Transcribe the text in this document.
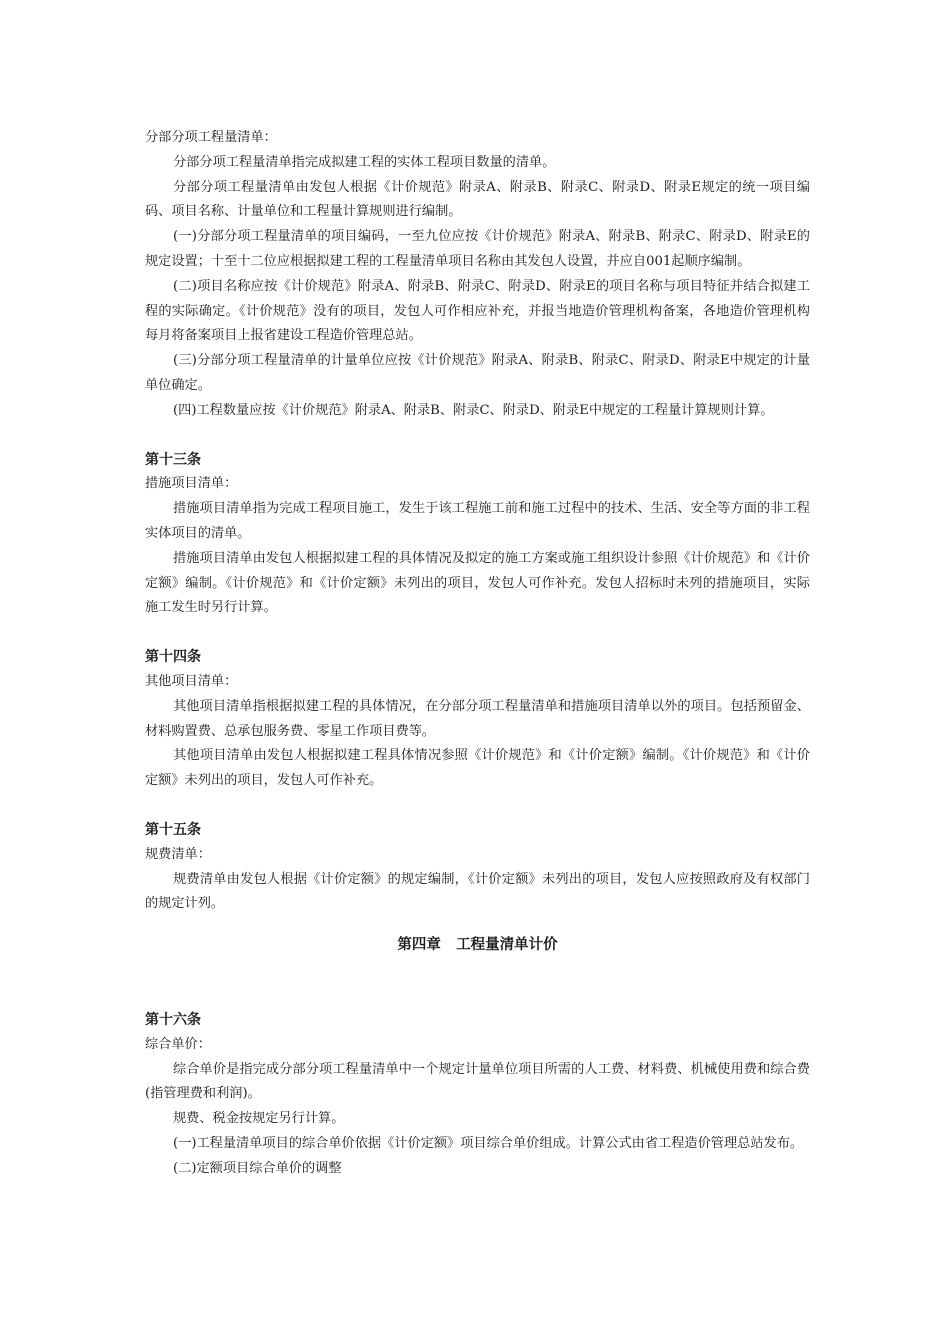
分部分项工程量清单：

分部分项工程量清单指完成拟建工程的实体工程项目数量的清单。

分部分项工程量清单由发包人根据《计价规范》附录A、附录B、附录C、附录D、附录E规定的统一项目编码、项目名称、计量单位和工程量计算规则进行编制。

(一)分部分项工程量清单的项目编码，一至九位应按《计价规范》附录A、附录B、附录C、附录D、附录E的规定设置；十至十二位应根据拟建工程的工程量清单项目名称由其发包人设置，并应自001起顺序编制。

(二)项目名称应按《计价规范》附录A、附录B、附录C、附录D、附录E的项目名称与项目特征并结合拟建工程的实际确定。《计价规范》没有的项目，发包人可作相应补充，并报当地造价管理机构备案，各地造价管理机构每月将备案项目上报省建设工程造价管理总站。

(三)分部分项工程量清单的计量单位应按《计价规范》附录A、附录B、附录C、附录D、附录E中规定的计量单位确定。

(四)工程数量应按《计价规范》附录A、附录B、附录C、附录D、附录E中规定的工程量计算规则计算。

第十三条

措施项目清单：

措施项目清单指为完成工程项目施工，发生于该工程施工前和施工过程中的技术、生活、安全等方面的非工程实体项目的清单。

措施项目清单由发包人根据拟建工程的具体情况及拟定的施工方案或施工组织设计参照《计价规范》和《计价定额》编制。《计价规范》和《计价定额》未列出的项目，发包人可作补充。发包人招标时未列的措施项目，实际施工发生时另行计算。

第十四条

其他项目清单：

其他项目清单指根据拟建工程的具体情况，在分部分项工程量清单和措施项目清单以外的项目。包括预留金、材料购置费、总承包服务费、零星工作项目费等。

其他项目清单由发包人根据拟建工程具体情况参照《计价规范》和《计价定额》编制。《计价规范》和《计价定额》未列出的项目，发包人可作补充。

第十五条

规费清单：

规费清单由发包人根据《计价定额》的规定编制，《计价定额》未列出的项目，发包人应按照政府及有权部门的规定计列。

第四章   工程量清单计价

第十六条

综合单价：

综合单价是指完成分部分项工程量清单中一个规定计量单位项目所需的人工费、材料费、机械使用费和综合费(指管理费和利润)。

规费、税金按规定另行计算。

(一)工程量清单项目的综合单价依据《计价定额》项目综合单价组成。计算公式由省工程造价管理总站发布。

(二)定额项目综合单价的调整
